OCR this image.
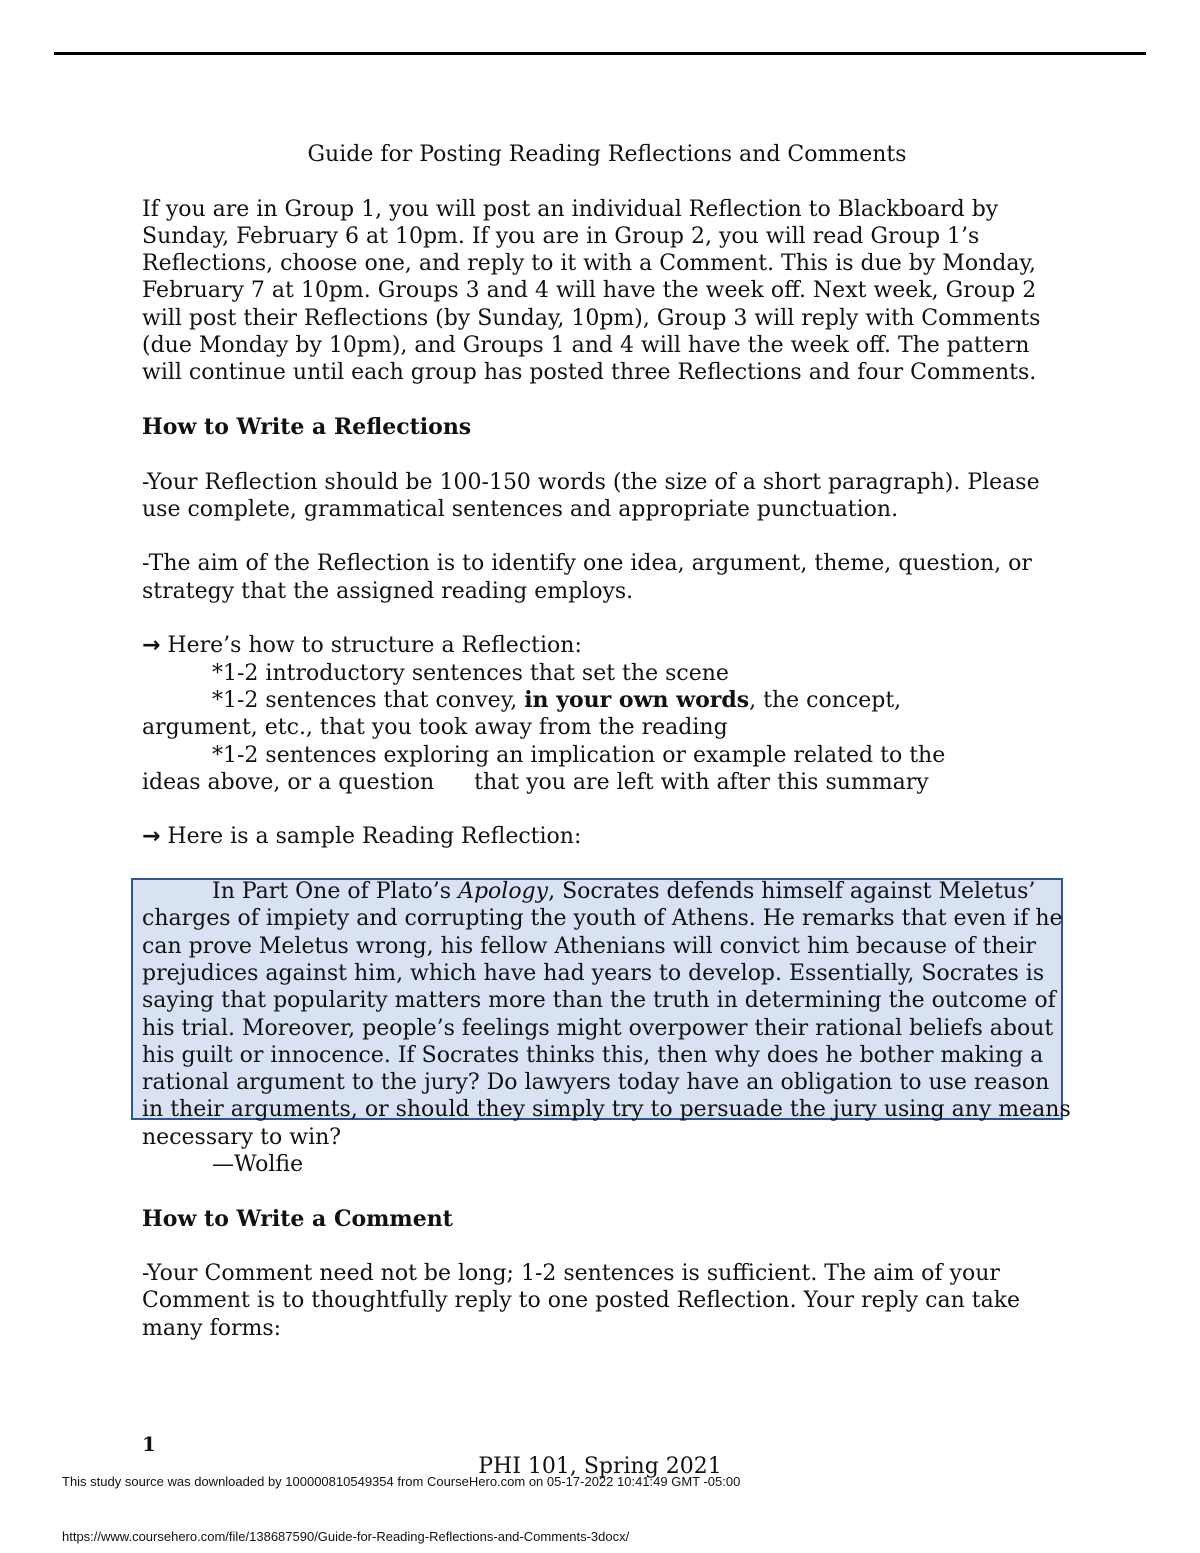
Guide for Posting Reading Reflections and Comments

If you are in Group 1, you will post an individual Reflection to Blackboard by Sunday, February 6 at 10pm. If you are in Group 2, you will read Group 1’s Reflections, choose one, and reply to it with a Comment. This is due by Monday, February 7 at 10pm. Groups 3 and 4 will have the week off. Next week, Group 2 will post their Reflections (by Sunday, 10pm), Group 3 will reply with Comments (due Monday by 10pm), and Groups 1 and 4 will have the week off. The pattern will continue until each group has posted three Reflections and four Comments.

How to Write a Reflections

-Your Reflection should be 100-150 words (the size of a short paragraph). Please use complete, grammatical sentences and appropriate punctuation.

-The aim of the Reflection is to identify one idea, argument, theme, question, or strategy that the assigned reading employs.

→ Here’s how to structure a Reflection:

*1-2 introductory sentences that set the scene

*1-2 sentences that convey, in your own words, the concept,

argument, etc., that you took away from the reading

*1-2 sentences exploring an implication or example related to the

ideas above, or a question that you are left with after this summary

→ Here is a sample Reading Reflection:

In Part One of Plato’s Apology, Socrates defends himself against Meletus’ charges of impiety and corrupting the youth of Athens. He remarks that even if he can prove Meletus wrong, his fellow Athenians will convict him because of their prejudices against him, which have had years to develop. Essentially, Socrates is saying that popularity matters more than the truth in determining the outcome of his trial. Moreover, people’s feelings might overpower their rational beliefs about his guilt or innocence. If Socrates thinks this, then why does he bother making a rational argument to the jury? Do lawyers today have an obligation to use reason in their arguments, or should they simply try to persuade the jury using any means necessary to win?

—Wolfie

How to Write a Comment

-Your Comment need not be long; 1-2 sentences is sufficient. The aim of your Comment is to thoughtfully reply to one posted Reflection. Your reply can take many forms:

1
PHI 101, Spring 2021
This study source was downloaded by 100000810549354 from CourseHero.com on 05-17-2022 10:41:49 GMT -05:00
https://www.coursehero.com/file/138687590/Guide-for-Reading-Reflections-and-Comments-3docx/
